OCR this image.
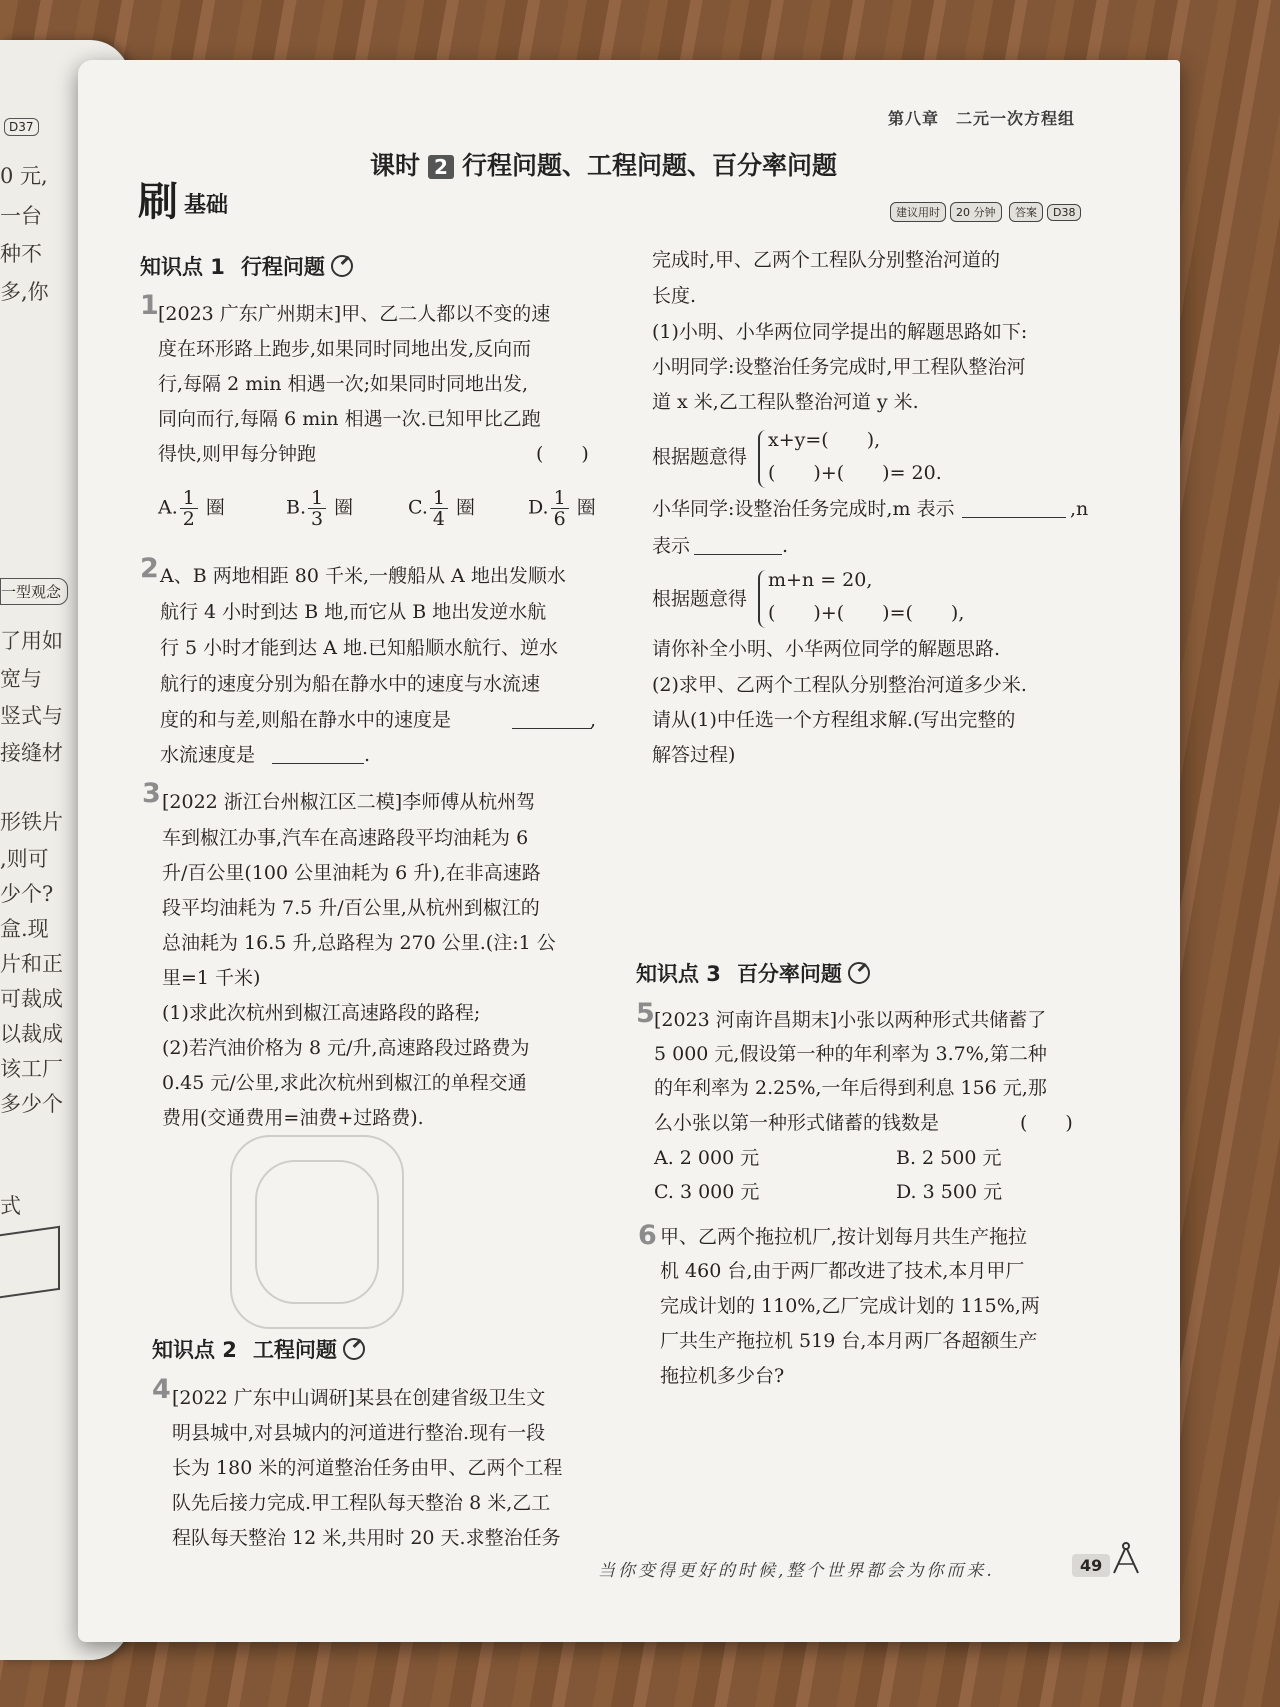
D37
0 元,
一台
种不
多,你
一型观念
了用如
宽与
竖式与
接缝材
形铁片
,则可
少个?
盒.现
片和正
可裁成
以裁成
该工厂
多少个
式
第八章　二元一次方程组
课时 2 行程问题、工程问题、百分率问题
刷 基础	建议用时 20 分钟 答案 D38
知识点 1 行程问题
1 [2023 广东广州期末]甲、乙二人都以不变的速
度在环形路上跑步,如果同时同地出发,反向而
行,每隔 2 min 相遇一次;如果同时同地出发,
同向而行,每隔 6 min 相遇一次.已知甲比乙跑
得快,则甲每分钟跑	(　　)
A. $\frac{1}{2}$ 圈	B. $\frac{1}{3}$ 圈	C. $\frac{1}{4}$ 圈	D. $\frac{1}{6}$ 圈
2 A、B 两地相距 80 千米,一艘船从 A 地出发顺水
航行 4 小时到达 B 地,而它从 B 地出发逆水航
行 5 小时才能到达 A 地.已知船顺水航行、逆水
航行的速度分别为船在静水中的速度与水流速
度的和与差,则船在静水中的速度是	,
水流速度是	.
3 [2022 浙江台州椒江区二模]李师傅从杭州驾
车到椒江办事,汽车在高速路段平均油耗为 6
升/百公里(100 公里油耗为 6 升),在非高速路
段平均油耗为 7.5 升/百公里,从杭州到椒江的
总油耗为 16.5 升,总路程为 270 公里.(注:1 公
里=1 千米)
(1)求此次杭州到椒江高速路段的路程;
(2)若汽油价格为 8 元/升,高速路段过路费为
0.45 元/公里,求此次杭州到椒江的单程交通
费用(交通费用=油费+过路费).
知识点 2 工程问题
4 [2022 广东中山调研]某县在创建省级卫生文
明县城中,对县城内的河道进行整治.现有一段
长为 180 米的河道整治任务由甲、乙两个工程
队先后接力完成.甲工程队每天整治 8 米,乙工
程队每天整治 12 米,共用时 20 天.求整治任务
完成时,甲、乙两个工程队分别整治河道的
长度.
(1)小明、小华两位同学提出的解题思路如下:
小明同学:设整治任务完成时,甲工程队整治河
道 x 米,乙工程队整治河道 y 米.
根据题意得
x+y=(　　),
(　　)+(　　)= 20.
小华同学:设整治任务完成时,m 表示	,n
表示	.
根据题意得
m+n = 20,
(　　)+(　　)=(　　),
请你补全小明、小华两位同学的解题思路.
(2)求甲、乙两个工程队分别整治河道多少米.
请从(1)中任选一个方程组求解.(写出完整的
解答过程)
知识点 3 百分率问题
5 [2023 河南许昌期末]小张以两种形式共储蓄了
5 000 元,假设第一种的年利率为 3.7%,第二种
的年利率为 2.25%,一年后得到利息 156 元,那
么小张以第一种形式储蓄的钱数是	(　　)
A. 2 000 元	B. 2 500 元
C. 3 000 元	D. 3 500 元
6 甲、乙两个拖拉机厂,按计划每月共生产拖拉
机 460 台,由于两厂都改进了技术,本月甲厂
完成计划的 110%,乙厂完成计划的 115%,两
厂共生产拖拉机 519 台,本月两厂各超额生产
拖拉机多少台?
当你变得更好的时候,整个世界都会为你而来.	49
